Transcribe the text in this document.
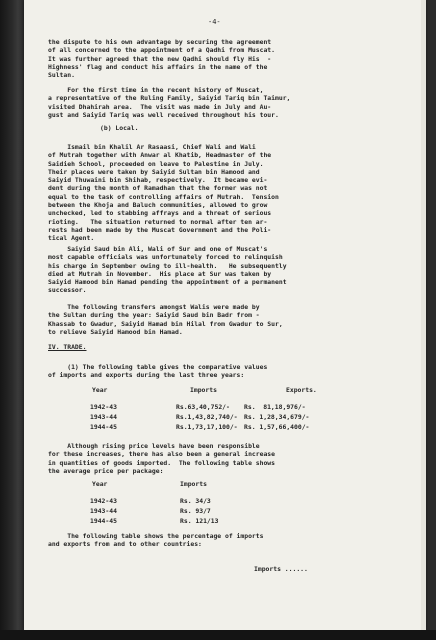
-4-
the dispute to his own advantage by securing the agreement
of all concerned to the appointment of a Qadhi from Muscat.
It was further agreed that the new Qadhi should fly His  -
Highness' flag and conduct his affairs in the name of the
Sultan.
For the first time in the recent history of Muscat,
a representative of the Ruling Family, Saiyid Tariq bin Taimur,
visited Dhahirah area.  The visit was made in July and Au-
gust and Saiyid Tariq was well received throughout his tour.
(b) Local.
Ismail bin Khalil Ar Rasaasi, Chief Wali and Wali
of Mutrah together with Anwar al Khatib, Headmaster of the
Saidieh School, proceeded on leave to Palestine in July.
Their places were taken by Saiyid Sultan bin Hamood and
Saiyid Thuwaini bin Shihab, respectively.  It became evi-
dent during the month of Ramadhan that the former was not
equal to the task of controlling affairs of Mutrah.  Tension
between the Khoja and Baluch communities, allowed to grow
unchecked, led to stabbing affrays and a threat of serious
rioting.   The situation returned to normal after ten ar-
rests had been made by the Muscat Government and the Poli-
tical Agent.
Saiyid Saud bin Ali, Wali of Sur and one of Muscat's
most capable officials was unfortunately forced to relinquish
his charge in September owing to ill-health.   He subsequently
died at Mutrah in November.  His place at Sur was taken by
Saiyid Hamood bin Hamad pending the appointment of a permanent
successor.
The following transfers amongst Walis were made by
the Sultan during the year: Saiyid Saud bin Badr from -
Khassab to Gwadur, Saiyid Hamad bin Hilal from Gwadur to Sur,
to relieve Saiyid Hamood bin Hamad.
IV. TRADE.
(1) The following table gives the comparative values
of imports and exports during the last three years:
Year	Imports	Exports.
1942-43	Rs.63,40,752/- Rs.  81,18,976/-
1943-44	Rs.1,43,82,740/- Rs. 1,28,34,679/-
1944-45	Rs.1,73,17,100/- Rs. 1,57,66,400/-
Although rising price levels have been responsible
for these increases, there has also been a general increase
in quantities of goods imported.  The following table shows
the average price per package:
Year	Imports
1942-43	Rs. 34/3
1943-44	Rs. 93/7
1944-45	Rs. 121/13
The following table shows the percentage of imports
and exports from and to other countries:
Imports ......
